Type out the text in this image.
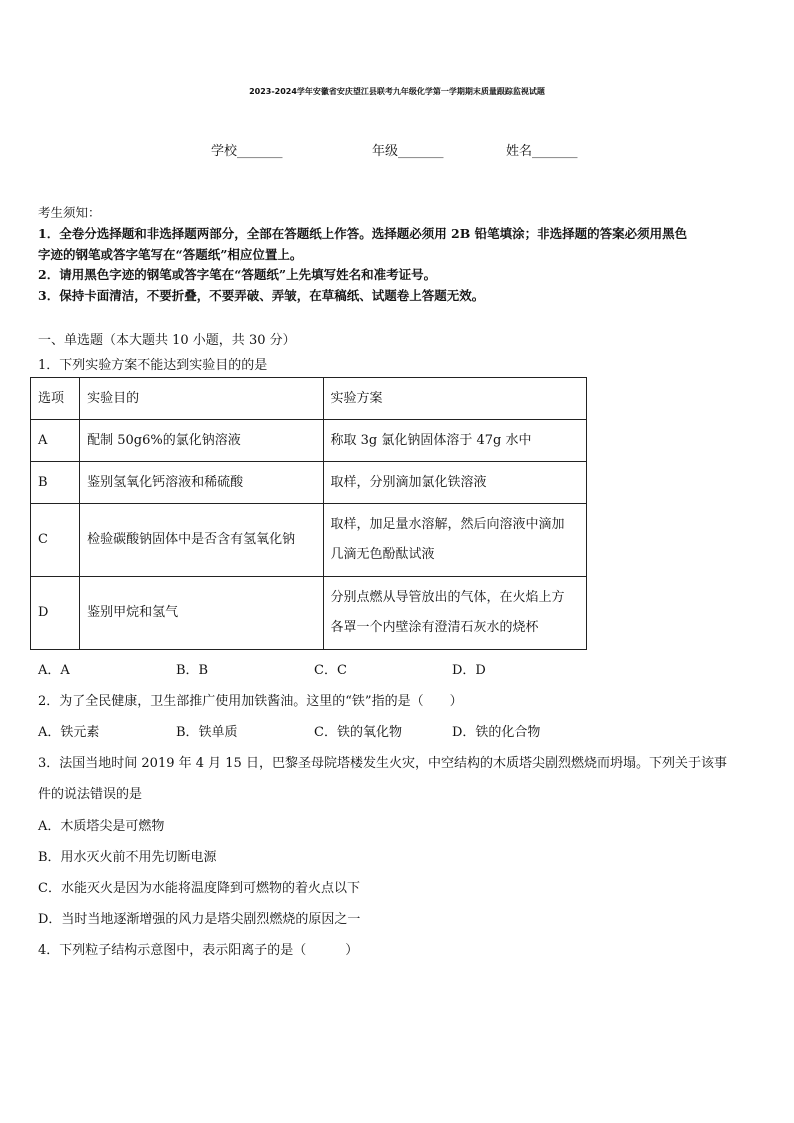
2023-2024学年安徽省安庆望江县联考九年级化学第一学期期末质量跟踪监视试题
学校_______	年级_______	姓名_______
考生须知：
1．全卷分选择题和非选择题两部分，全部在答题纸上作答。选择题必须用 2B 铅笔填涂；非选择题的答案必须用黑色
字迹的钢笔或答字笔写在“答题纸”相应位置上。
2．请用黑色字迹的钢笔或答字笔在“答题纸”上先填写姓名和准考证号。
3．保持卡面清洁，不要折叠，不要弄破、弄皱，在草稿纸、试题卷上答题无效。
一、单选题（本大题共 10 小题，共 30 分）
1．下列实验方案不能达到实验目的的是
选项	实验目的	实验方案
A	配制 50g6%的氯化钠溶液	称取 3g 氯化钠固体溶于 47g 水中
B	鉴别氢氧化钙溶液和稀硫酸	取样，分别滴加氯化铁溶液
C	检验碳酸钠固体中是否含有氢氧化钠	取样，加足量水溶解，然后向溶液中滴加
几滴无色酚酞试液

D	鉴别甲烷和氢气	分别点燃从导管放出的气体，在火焰上方
各罩一个内壁涂有澄清石灰水的烧杯
A．A	B．B	C．C	D．D
2．为了全民健康，卫生部推广使用加铁酱油。这里的“铁”指的是（　　）
A．铁元素	B．铁单质	C．铁的氧化物	D．铁的化合物
3．法国当地时间 2019 年 4 月 15 日，巴黎圣母院塔楼发生火灾，中空结构的木质塔尖剧烈燃烧而坍塌。下列关于该事
件的说法错误的是
A．木质塔尖是可燃物
B．用水灭火前不用先切断电源
C．水能灭火是因为水能将温度降到可燃物的着火点以下
D．当时当地逐渐增强的风力是塔尖剧烈燃烧的原因之一
4．下列粒子结构示意图中，表示阳离子的是（　　　）
